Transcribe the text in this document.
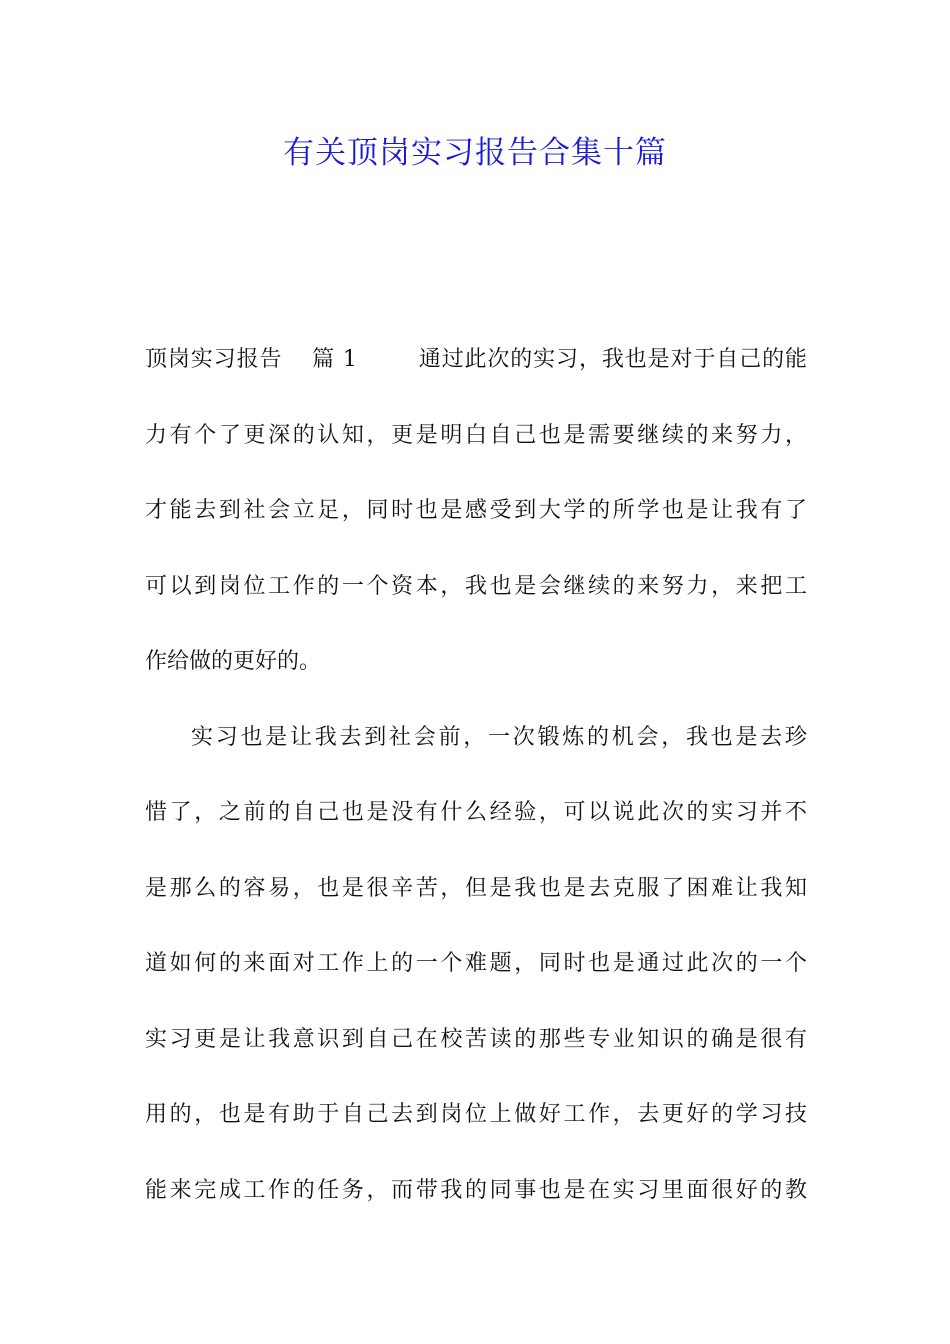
有关顶岗实习报告合集十篇
顶岗实习报告 篇 1	通过此次的实习，我也是对于自己的能
力有个了更深的认知，更是明白自己也是需要继续的来努力，
才能去到社会立足，同时也是感受到大学的所学也是让我有了
可以到岗位工作的一个资本，我也是会继续的来努力，来把工
作给做的更好的。
实习也是让我去到社会前，一次锻炼的机会，我也是去珍
惜了，之前的自己也是没有什么经验，可以说此次的实习并不
是那么的容易，也是很辛苦，但是我也是去克服了困难让我知
道如何的来面对工作上的一个难题，同时也是通过此次的一个
实习更是让我意识到自己在校苦读的那些专业知识的确是很有
用的，也是有助于自己去到岗位上做好工作，去更好的学习技
能来完成工作的任务，而带我的同事也是在实习里面很好的教
